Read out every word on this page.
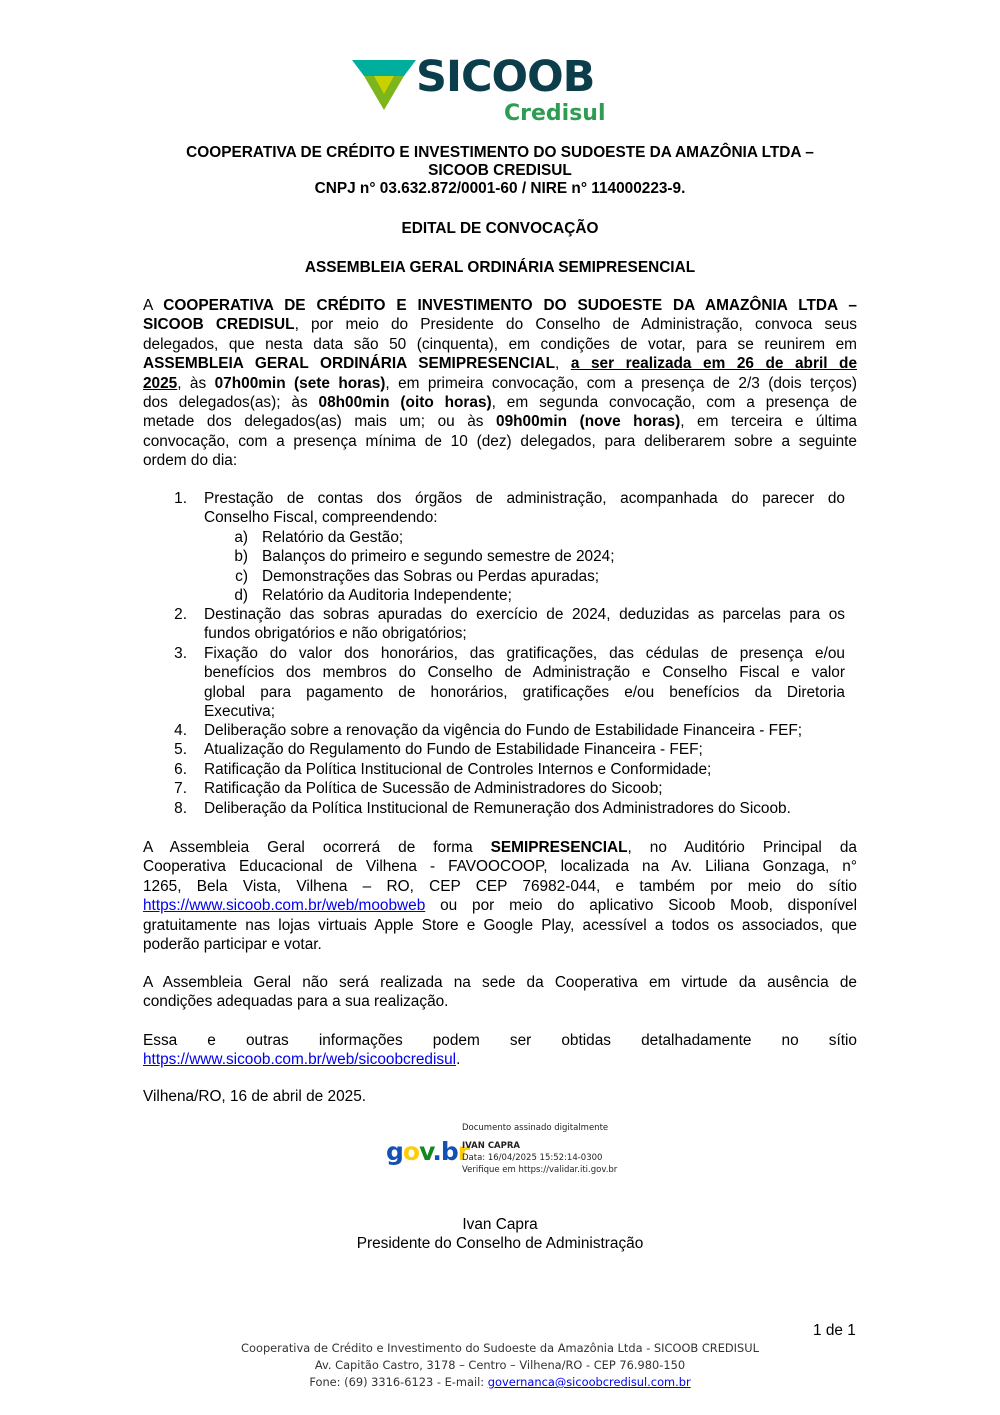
SICOOB
Credisul
COOPERATIVA DE CRÉDITO E INVESTIMENTO DO SUDOESTE DA AMAZÔNIA LTDA –
SICOOB CREDISUL
CNPJ n° 03.632.872/0001-60 / NIRE n° 114000223-9.
EDITAL DE CONVOCAÇÃO
ASSEMBLEIA GERAL ORDINÁRIA SEMIPRESENCIAL
A COOPERATIVA DE CRÉDITO E INVESTIMENTO DO SUDOESTE DA AMAZÔNIA LTDA –
SICOOB CREDISUL, por meio do Presidente do Conselho de Administração, convoca seus
delegados, que nesta data são 50 (cinquenta), em condições de votar, para se reunirem em
ASSEMBLEIA GERAL ORDINÁRIA SEMIPRESENCIAL, a ser realizada em 26 de abril de
2025, às 07h00min (sete horas), em primeira convocação, com a presença de 2/3 (dois terços)
dos delegados(as); às 08h00min (oito horas), em segunda convocação, com a presença de
metade dos delegados(as) mais um; ou às 09h00min (nove horas), em terceira e última
convocação, com a presença mínima de 10 (dez) delegados, para deliberarem sobre a seguinte
ordem do dia:
1. Prestação de contas dos órgãos de administração, acompanhada do parecer do
Conselho Fiscal, compreendendo:
a) Relatório da Gestão;
b) Balanços do primeiro e segundo semestre de 2024;
c) Demonstrações das Sobras ou Perdas apuradas;
d) Relatório da Auditoria Independente;
2. Destinação das sobras apuradas do exercício de 2024, deduzidas as parcelas para os
fundos obrigatórios e não obrigatórios;
3. Fixação do valor dos honorários, das gratificações, das cédulas de presença e/ou
benefícios dos membros do Conselho de Administração e Conselho Fiscal e valor
global para pagamento de honorários, gratificações e/ou benefícios da Diretoria
Executiva;
4. Deliberação sobre a renovação da vigência do Fundo de Estabilidade Financeira - FEF;
5. Atualização do Regulamento do Fundo de Estabilidade Financeira - FEF;
6. Ratificação da Política Institucional de Controles Internos e Conformidade;
7. Ratificação da Política de Sucessão de Administradores do Sicoob;
8. Deliberação da Política Institucional de Remuneração dos Administradores do Sicoob.
A Assembleia Geral ocorrerá de forma SEMIPRESENCIAL, no Auditório Principal da
Cooperativa Educacional de Vilhena - FAVOOCOOP, localizada na Av. Liliana Gonzaga, n°
1265, Bela Vista, Vilhena – RO, CEP CEP 76982-044, e também por meio do sítio
https://www.sicoob.com.br/web/moobweb ou por meio do aplicativo Sicoob Moob, disponível
gratuitamente nas lojas virtuais Apple Store e Google Play, acessível a todos os associados, que
poderão participar e votar.
A Assembleia Geral não será realizada na sede da Cooperativa em virtude da ausência de
condições adequadas para a sua realização.
Essa e outras informações podem ser obtidas detalhadamente no sítio
https://www.sicoob.com.br/web/sicoobcredisul.
Vilhena/RO, 16 de abril de 2025.
gov.br
Documento assinado digitalmente
IVAN CAPRA
Data: 16/04/2025 15:52:14-0300
Verifique em https://validar.iti.gov.br
Ivan Capra
Presidente do Conselho de Administração
1 de 1
Cooperativa de Crédito e Investimento do Sudoeste da Amazônia Ltda - SICOOB CREDISUL
Av. Capitão Castro, 3178 – Centro – Vilhena/RO - CEP 76.980-150
Fone: (69) 3316-6123 - E-mail: governanca@sicoobcredisul.com.br
